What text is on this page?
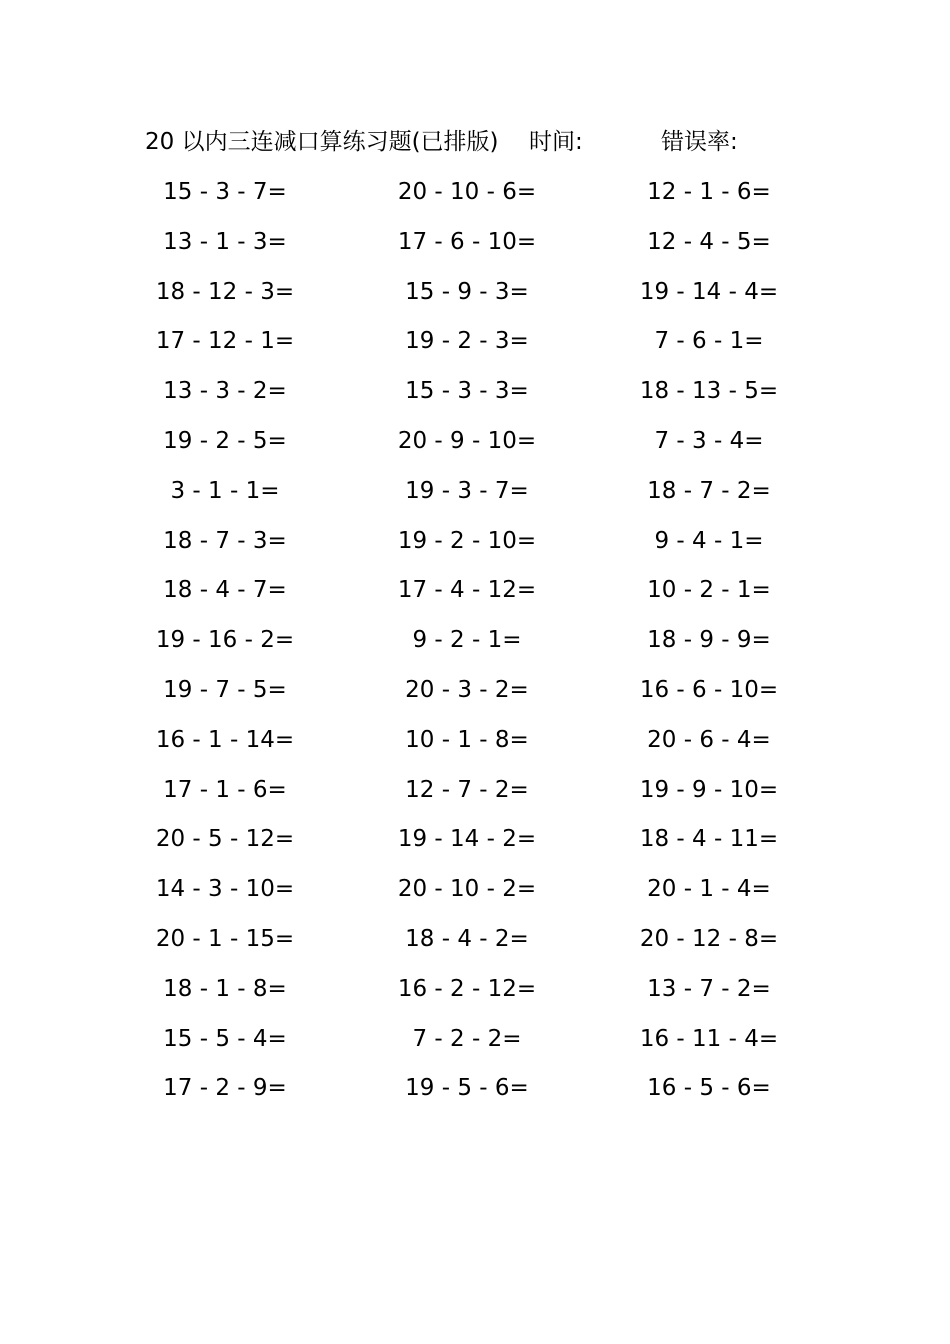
20 以内三连减口算练习题(已排版) 时间:	错误率:
15 - 3 - 7=	20 - 10 - 6=	12 - 1 - 6=
13 - 1 - 3=	17 - 6 - 10=	12 - 4 - 5=
18 - 12 - 3=	15 - 9 - 3=	19 - 14 - 4=
17 - 12 - 1=	19 - 2 - 3=	7 - 6 - 1=
13 - 3 - 2=	15 - 3 - 3=	18 - 13 - 5=
19 - 2 - 5=	20 - 9 - 10=	7 - 3 - 4=
3 - 1 - 1=	19 - 3 - 7=	18 - 7 - 2=
18 - 7 - 3=	19 - 2 - 10=	9 - 4 - 1=
18 - 4 - 7=	17 - 4 - 12=	10 - 2 - 1=
19 - 16 - 2=	9 - 2 - 1=	18 - 9 - 9=
19 - 7 - 5=	20 - 3 - 2=	16 - 6 - 10=
16 - 1 - 14=	10 - 1 - 8=	20 - 6 - 4=
17 - 1 - 6=	12 - 7 - 2=	19 - 9 - 10=
20 - 5 - 12=	19 - 14 - 2=	18 - 4 - 11=
14 - 3 - 10=	20 - 10 - 2=	20 - 1 - 4=
20 - 1 - 15=	18 - 4 - 2=	20 - 12 - 8=
18 - 1 - 8=	16 - 2 - 12=	13 - 7 - 2=
15 - 5 - 4=	7 - 2 - 2=	16 - 11 - 4=
17 - 2 - 9=	19 - 5 - 6=	16 - 5 - 6=
